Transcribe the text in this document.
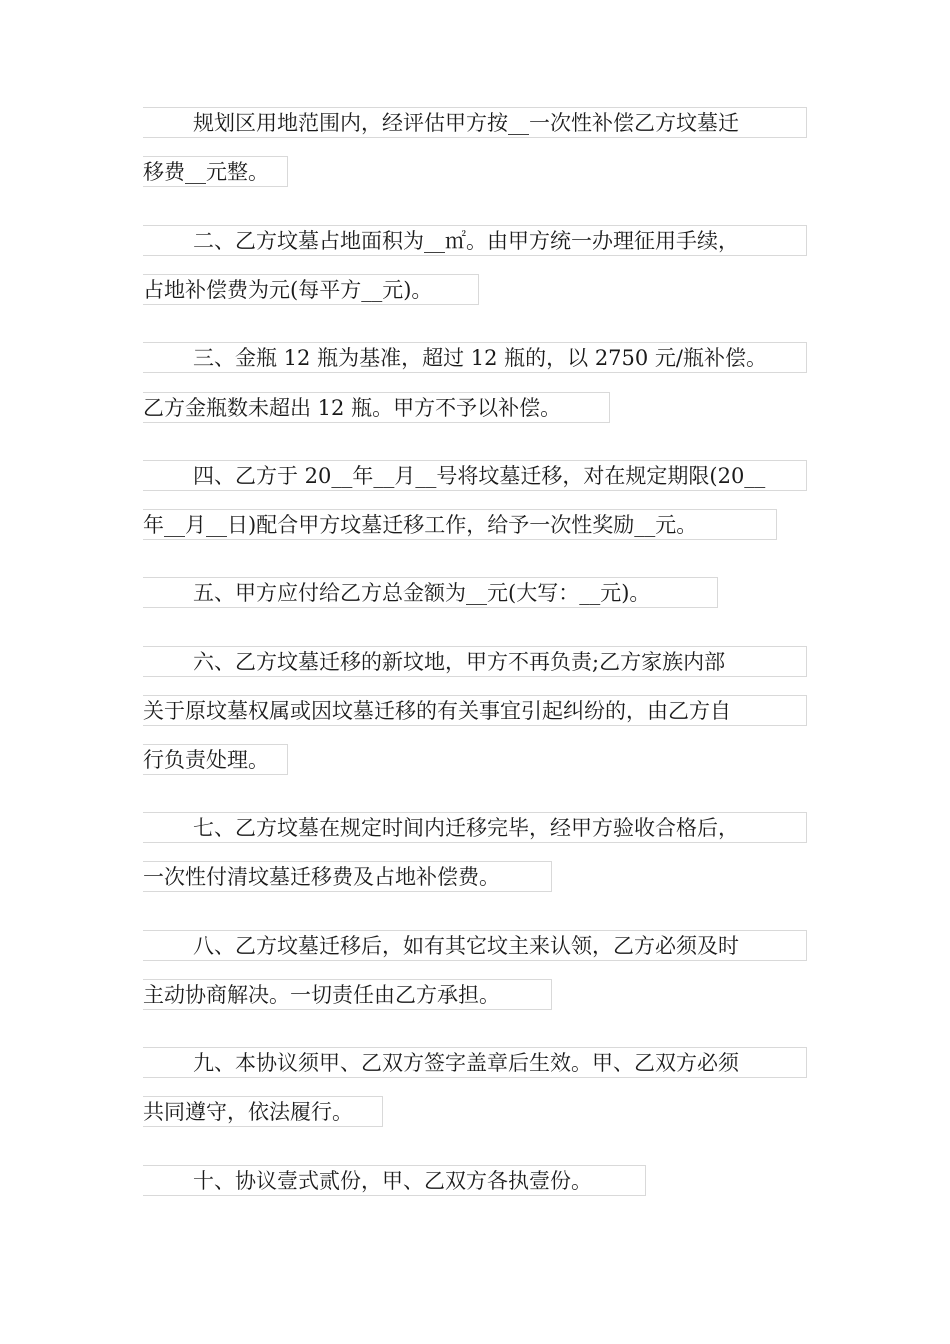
规划区用地范围内，经评估甲方按__一次性补偿乙方坟墓迁
移费__元整。
二、乙方坟墓占地面积为__㎡。由甲方统一办理征用手续，
占地补偿费为元(每平方__元)。
三、金瓶 12 瓶为基准，超过 12 瓶的，以 2750 元/瓶补偿。
乙方金瓶数未超出 12 瓶。甲方不予以补偿。
四、乙方于 20__年__月__号将坟墓迁移，对在规定期限(20__
年__月__日)配合甲方坟墓迁移工作，给予一次性奖励__元。
五、甲方应付给乙方总金额为__元(大写：__元)。
六、乙方坟墓迁移的新坟地，甲方不再负责;乙方家族内部
关于原坟墓权属或因坟墓迁移的有关事宜引起纠纷的，由乙方自
行负责处理。
七、乙方坟墓在规定时间内迁移完毕，经甲方验收合格后，
一次性付清坟墓迁移费及占地补偿费。
八、乙方坟墓迁移后，如有其它坟主来认领，乙方必须及时
主动协商解决。一切责任由乙方承担。
九、本协议须甲、乙双方签字盖章后生效。甲、乙双方必须
共同遵守，依法履行。
十、协议壹式贰份，甲、乙双方各执壹份。
